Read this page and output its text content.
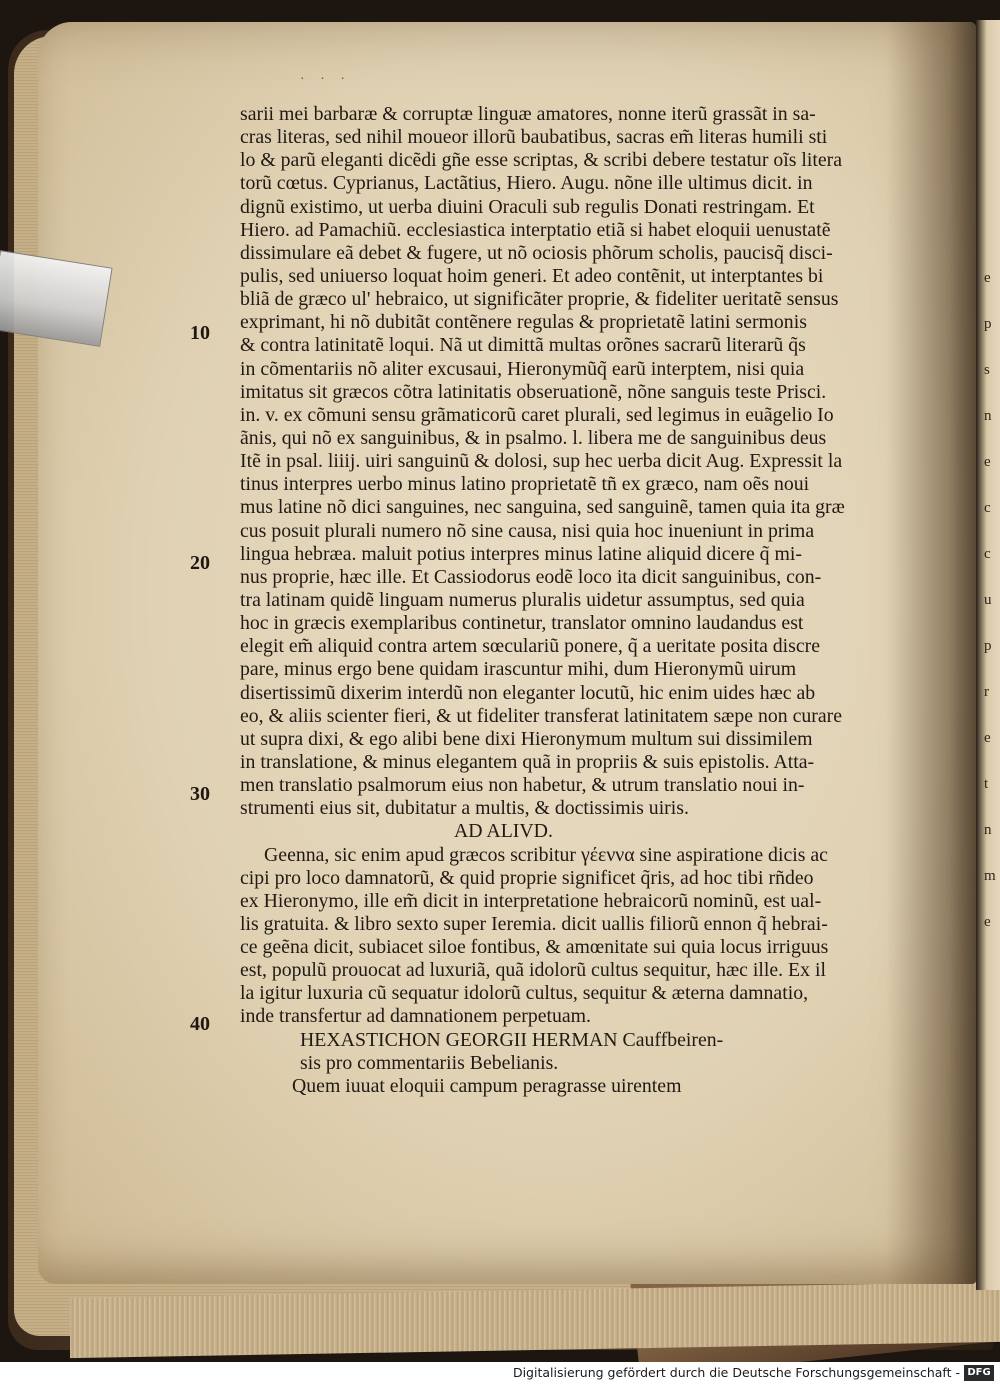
e
p
s
n
e
c
c
u
p
r
e
t
n
m
e
· · ·
sarii mei barbaræ & corruptæ linguæ amatores, nonne iterũ grassãt in sa-
cras literas, sed nihil moueor illorũ baubatibus, sacras em̃ literas humili sti
lo & parũ eleganti dicẽdi gñe esse scriptas, & scribi debere testatur oĩs litera
torũ cœtus. Cyprianus, Lactãtius, Hiero. Augu. nõne ille ultimus dicit. in
dignũ existimo, ut uerba diuini Oraculi sub regulis Donati restringam. Et
Hiero. ad Pamachiũ. ecclesiastica interptatio etiã si habet eloquii uenustatẽ
dissimulare eã debet & fugere, ut nõ ociosis phõrum scholis, paucisq̃ disci-
pulis, sed uniuerso loquat hoim generi. Et adeo contẽnit, ut interptantes bi
bliã de græco ul' hebraico, ut significãter proprie, & fideliter ueritatẽ sensus
exprimant, hi nõ dubitãt contẽnere regulas & proprietatẽ latini sermonis
& contra latinitatẽ loqui. Nã ut dimittã multas orõnes sacrarũ literarũ q̃s
in cõmentariis nõ aliter excusaui, Hieronymũq̃ earũ interptem, nisi quia
imitatus sit græcos cõtra latinitatis obseruationẽ, nõne sanguis teste Prisci.
in. v. ex cõmuni sensu grãmaticorũ caret plurali, sed legimus in euãgelio Io
ãnis, qui nõ ex sanguinibus, & in psalmo. l. libera me de sanguinibus deus
Itẽ in psal. liiij. uiri sanguinũ & dolosi, sup hec uerba dicit Aug. Expressit la
tinus interpres uerbo minus latino proprietatẽ tñ ex græco, nam oẽs noui
mus latine nõ dici sanguines, nec sanguina, sed sanguinẽ, tamen quia ita græ
cus posuit plurali numero nõ sine causa, nisi quia hoc inueniunt in prima
lingua hebræa. maluit potius interpres minus latine aliquid dicere q̃ mi-
nus proprie, hæc ille. Et Cassiodorus eodẽ loco ita dicit sanguinibus, con-
tra latinam quidẽ linguam numerus pluralis uidetur assumptus, sed quia
hoc in græcis exemplaribus continetur, translator omnino laudandus est
elegit em̃ aliquid contra artem sœculariũ ponere, q̃ a ueritate posita discre
pare, minus ergo bene quidam irascuntur mihi, dum Hieronymũ uirum
disertissimũ dixerim interdũ non eleganter locutũ, hic enim uides hæc ab
eo, & aliis scienter fieri, & ut fideliter transferat latinitatem sæpe non curare
ut supra dixi, & ego alibi bene dixi Hieronymum multum sui dissimilem
in translatione, & minus elegantem quã in propriis & suis epistolis. Atta-
men translatio psalmorum eius non habetur, & utrum translatio noui in-
strumenti eius sit, dubitatur a multis, & doctissimis uiris.
AD ALIVD.
Geenna, sic enim apud græcos scribitur γέεννα sine aspiratione dicis ac
cipi pro loco damnatorũ, & quid proprie significet q̃ris, ad hoc tibi rñdeo
ex Hieronymo, ille em̃ dicit in interpretatione hebraicorũ nominũ, est ual-
lis gratuita. & libro sexto super Ieremia. dicit uallis filiorũ ennon q̃ hebrai-
ce geẽna dicit, subiacet siloe fontibus, & amœnitate sui quia locus irriguus
est, populũ prouocat ad luxuriã, quã idolorũ cultus sequitur, hæc ille. Ex il
la igitur luxuria cũ sequatur idolorũ cultus, sequitur & æterna damnatio,
inde transfertur ad damnationem perpetuam.
HEXASTICHON GEORGII HERMAN Cauffbeiren-
sis pro commentariis Bebelianis.
Quem iuuat eloquii campum peragrasse uirentem
10
20
30
40
Digitalisierung gefördert durch die Deutsche Forschungsgemeinschaft - DFG
